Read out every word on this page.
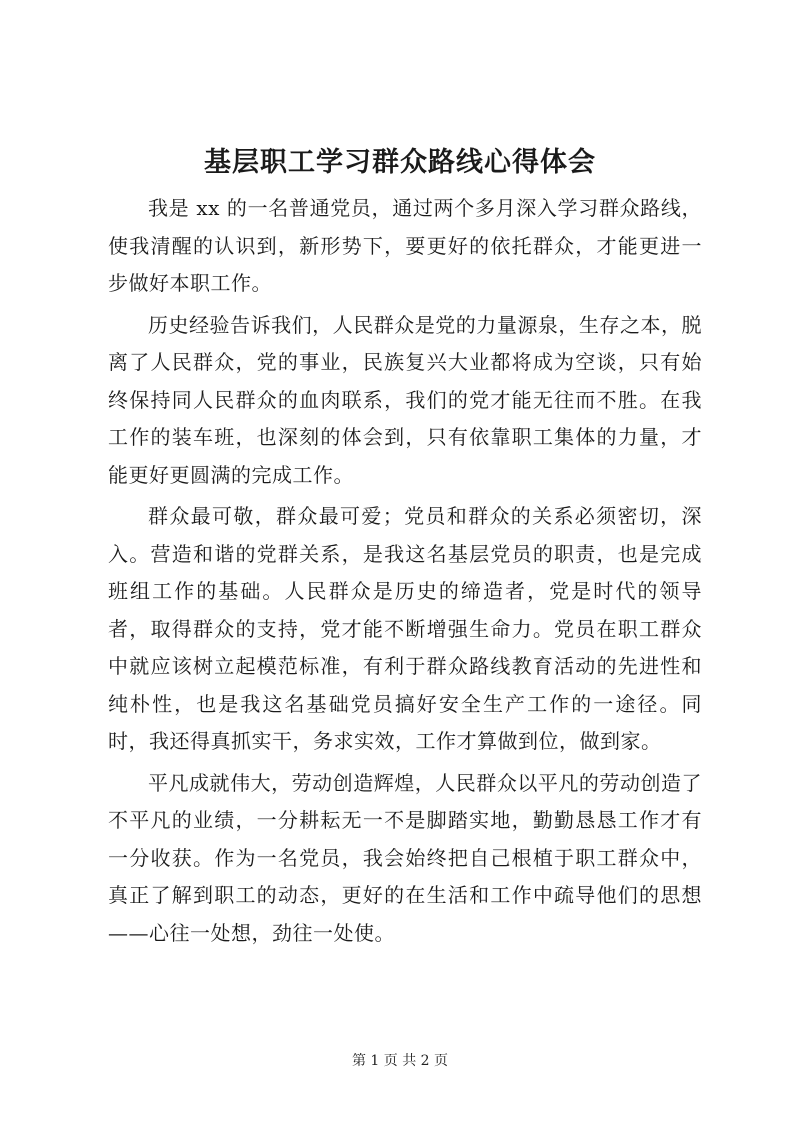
基层职工学习群众路线心得体会

我是 xx 的一名普通党员，通过两个多月深入学习群众路线，使我清醒的认识到，新形势下，要更好的依托群众，才能更进一步做好本职工作。

历史经验告诉我们，人民群众是党的力量源泉，生存之本，脱离了人民群众，党的事业，民族复兴大业都将成为空谈，只有始终保持同人民群众的血肉联系，我们的党才能无往而不胜。在我工作的装车班，也深刻的体会到，只有依靠职工集体的力量，才能更好更圆满的完成工作。

群众最可敬，群众最可爱；党员和群众的关系必须密切，深入。营造和谐的党群关系，是我这名基层党员的职责，也是完成班组工作的基础。人民群众是历史的缔造者，党是时代的领导者，取得群众的支持，党才能不断增强生命力。党员在职工群众中就应该树立起模范标准，有利于群众路线教育活动的先进性和纯朴性，也是我这名基础党员搞好安全生产工作的一途径。同时，我还得真抓实干，务求实效，工作才算做到位，做到家。

平凡成就伟大，劳动创造辉煌，人民群众以平凡的劳动创造了不平凡的业绩，一分耕耘无一不是脚踏实地，勤勤恳恳工作才有一分收获。作为一名党员，我会始终把自己根植于职工群众中，真正了解到职工的动态，更好的在生活和工作中疏导他们的思想——心往一处想，劲往一处使。

第 1 页 共 2 页
